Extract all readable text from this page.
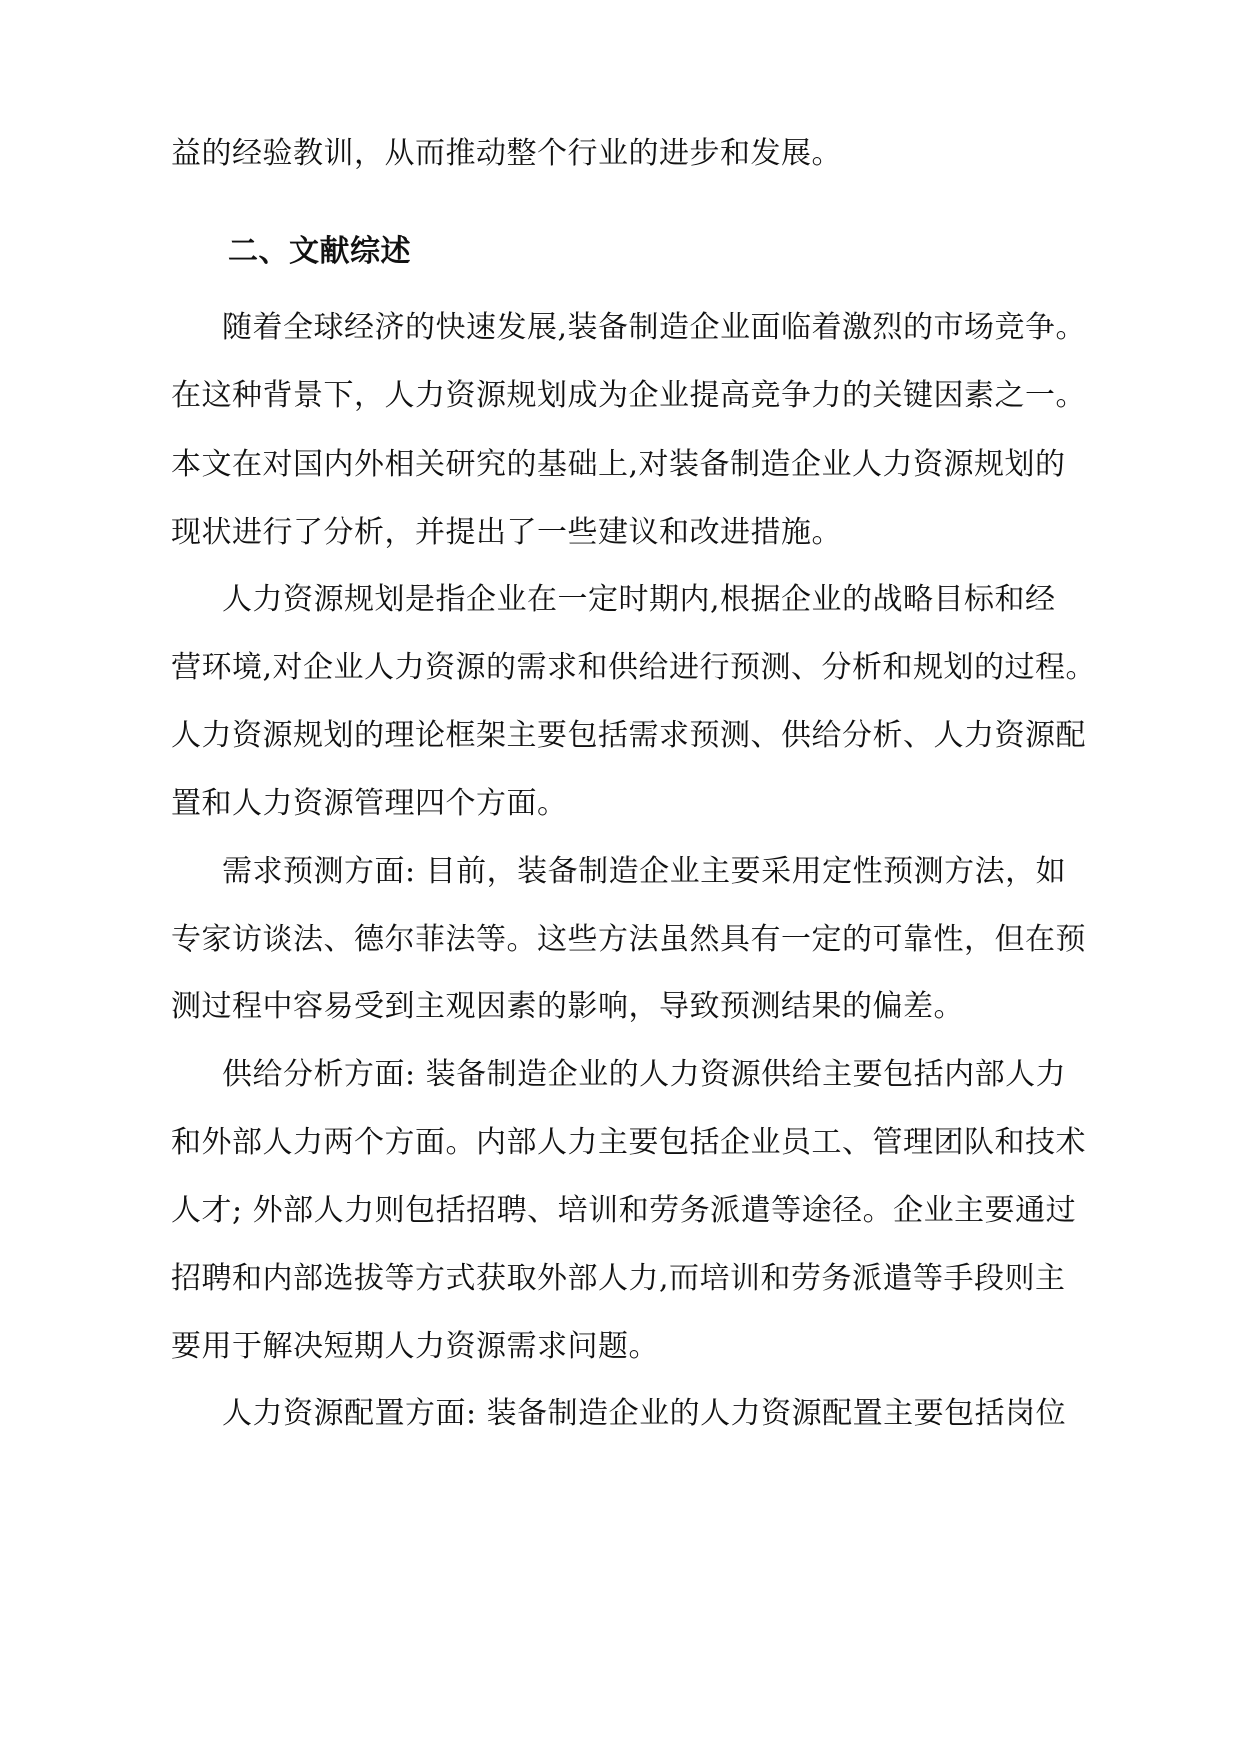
益的经验教训，从而推动整个行业的进步和发展。
二、文献综述
随着全球经济的快速发展,装备制造企业面临着激烈的市场竞争。
在这种背景下，人力资源规划成为企业提高竞争力的关键因素之一。
本文在对国内外相关研究的基础上,对装备制造企业人力资源规划的
现状进行了分析，并提出了一些建议和改进措施。
人力资源规划是指企业在一定时期内,根据企业的战略目标和经
营环境,对企业人力资源的需求和供给进行预测、分析和规划的过程。
人力资源规划的理论框架主要包括需求预测、供给分析、人力资源配
置和人力资源管理四个方面。
需求预测方面: 目前，装备制造企业主要采用定性预测方法，如
专家访谈法、德尔菲法等。这些方法虽然具有一定的可靠性，但在预
测过程中容易受到主观因素的影响，导致预测结果的偏差。
供给分析方面: 装备制造企业的人力资源供给主要包括内部人力
和外部人力两个方面。内部人力主要包括企业员工、管理团队和技术
人才; 外部人力则包括招聘、培训和劳务派遣等途径。企业主要通过
招聘和内部选拔等方式获取外部人力,而培训和劳务派遣等手段则主
要用于解决短期人力资源需求问题。
人力资源配置方面: 装备制造企业的人力资源配置主要包括岗位
